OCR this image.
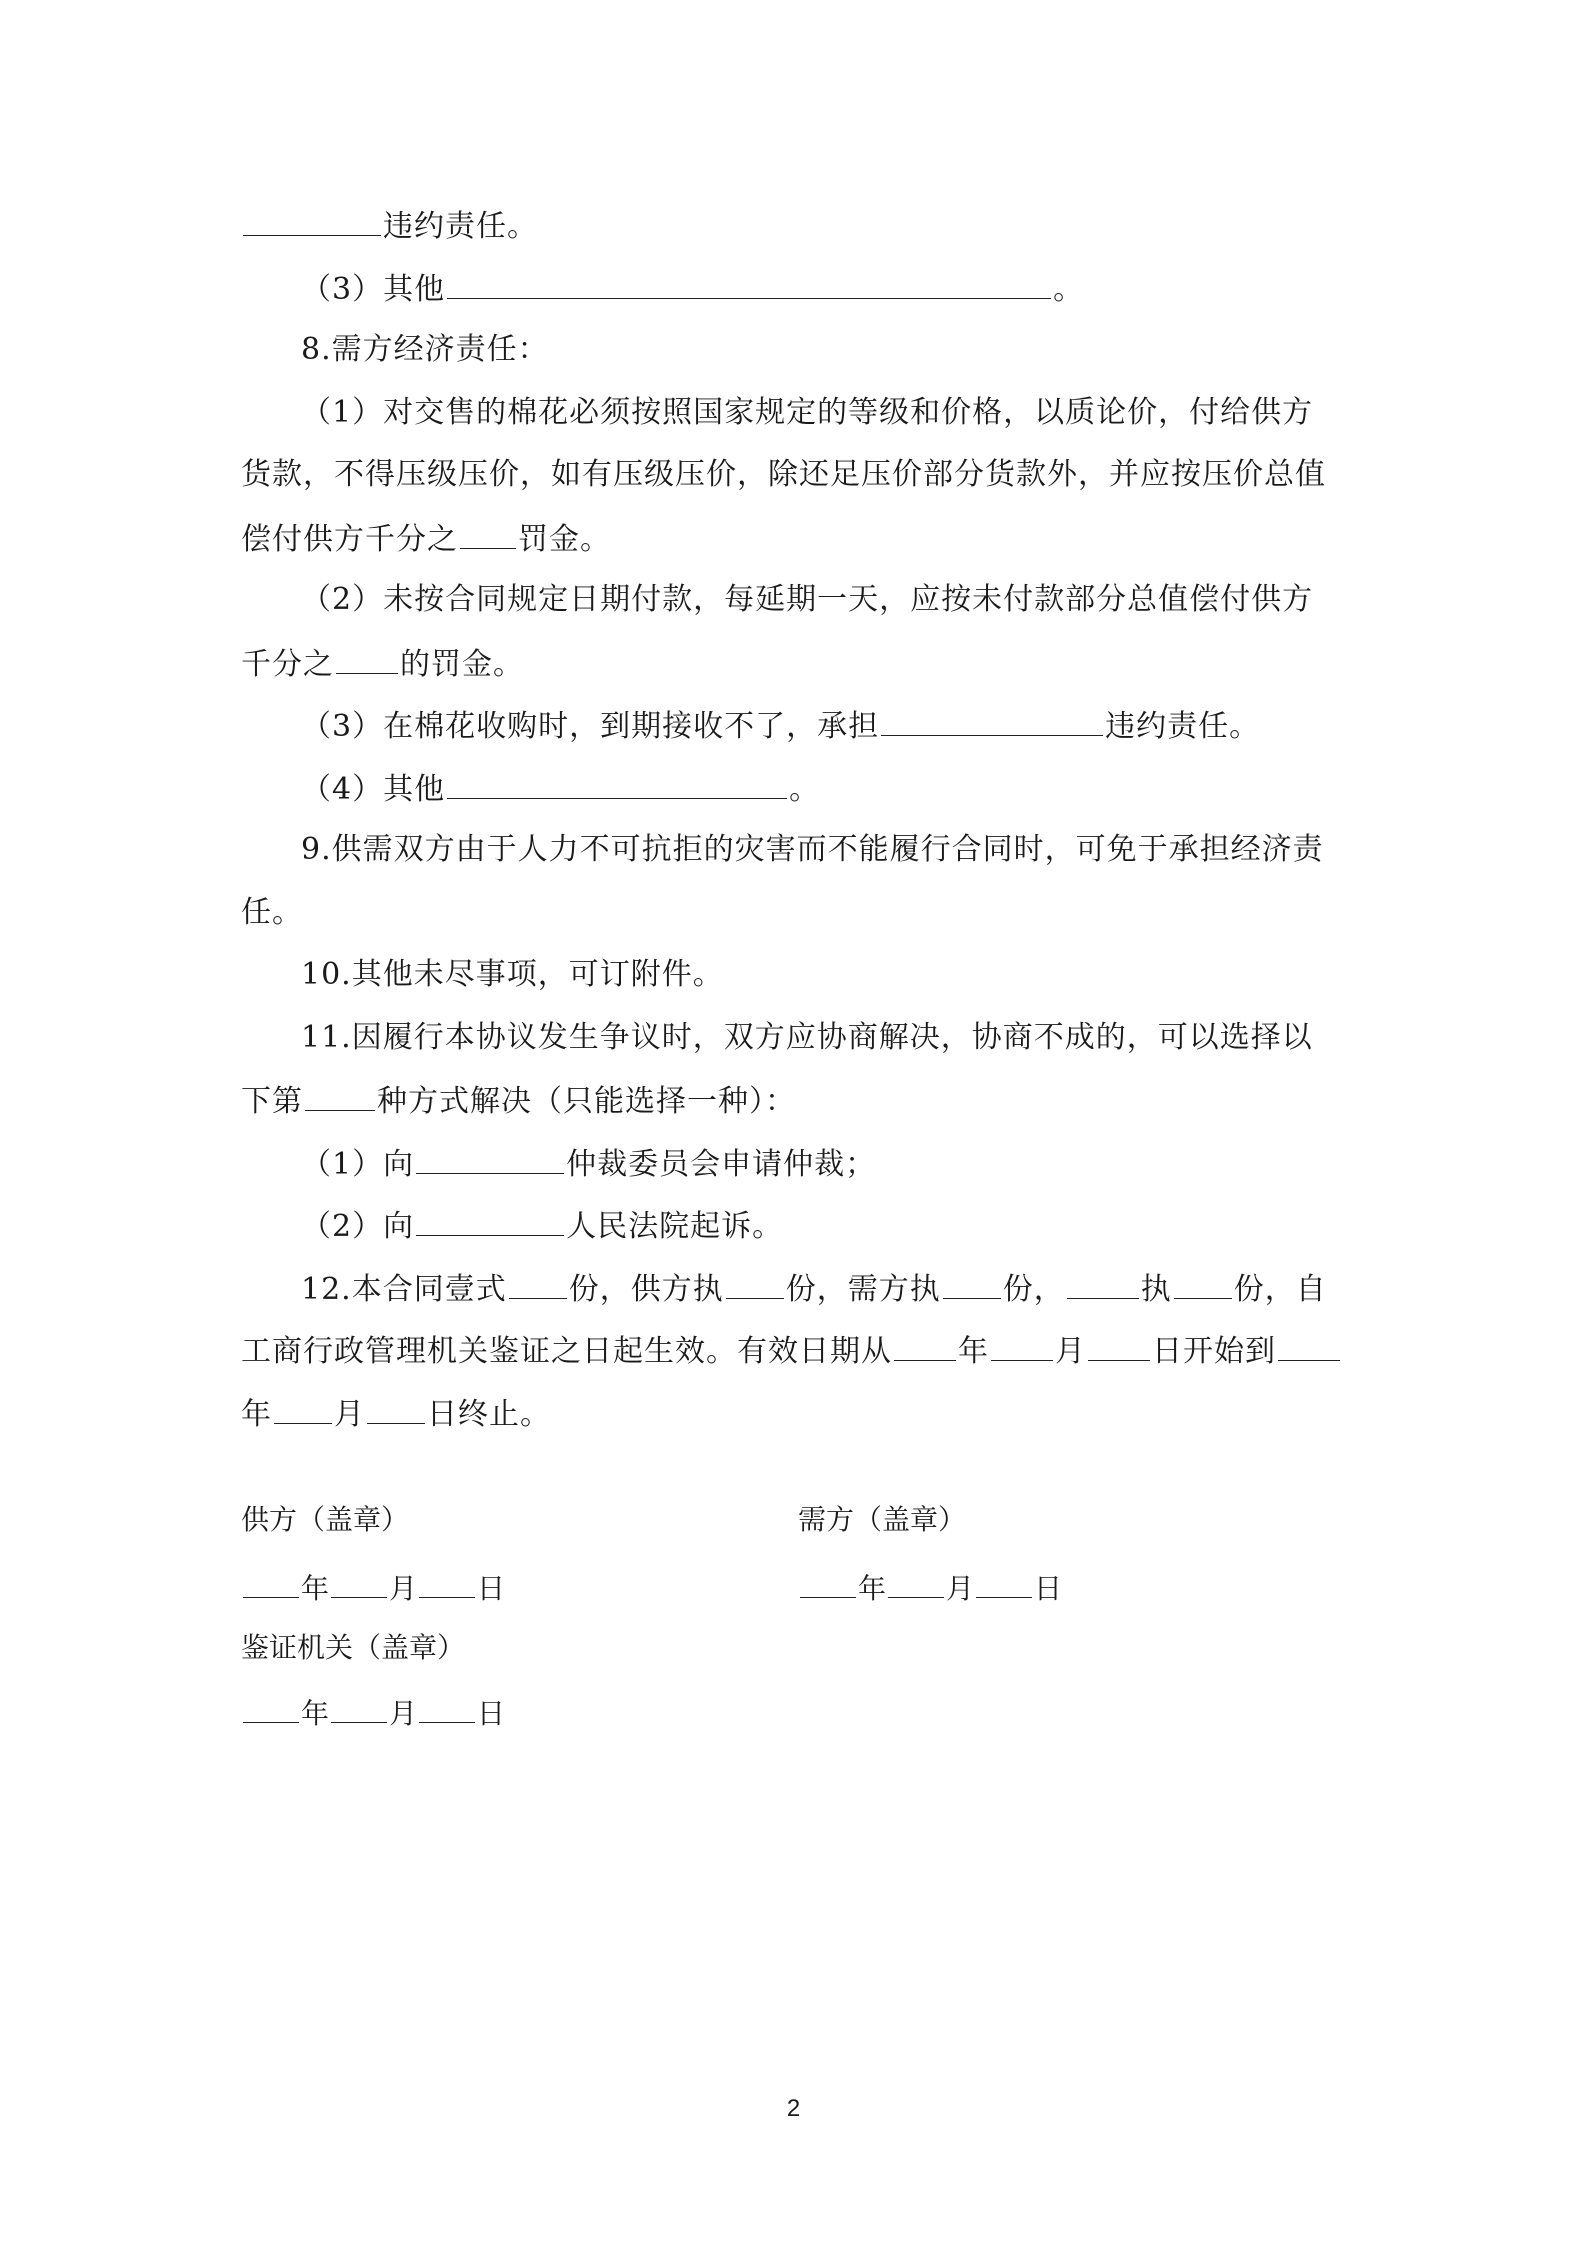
违约责任。
（3）其他	。
8.需方经济责任：
（1）对交售的棉花必须按照国家规定的等级和价格，以质论价，付给供方
货款，不得压级压价，如有压级压价，除还足压价部分货款外，并应按压价总值
偿付供方千分之 罚金。
（2）未按合同规定日期付款，每延期一天，应按未付款部分总值偿付供方
千分之 的罚金。
（3）在棉花收购时，到期接收不了，承担	违约责任。
（4）其他	。
9.供需双方由于人力不可抗拒的灾害而不能履行合同时，可免于承担经济责
任。
10.其他未尽事项，可订附件。
11.因履行本协议发生争议时，双方应协商解决，协商不成的，可以选择以
下第 种方式解决（只能选择一种）：
（1）向	仲裁委员会申请仲裁；
（2）向	人民法院起诉。
12.本合同壹式 份，供方执 份，需方执 份，	执 份，自
工商行政管理机关鉴证之日起生效。有效日期从 年 月 日开始到
年 月 日终止。
供方（盖章）	需方（盖章）
年 月 日	年 月 日
鉴证机关（盖章）
年 月 日
2
